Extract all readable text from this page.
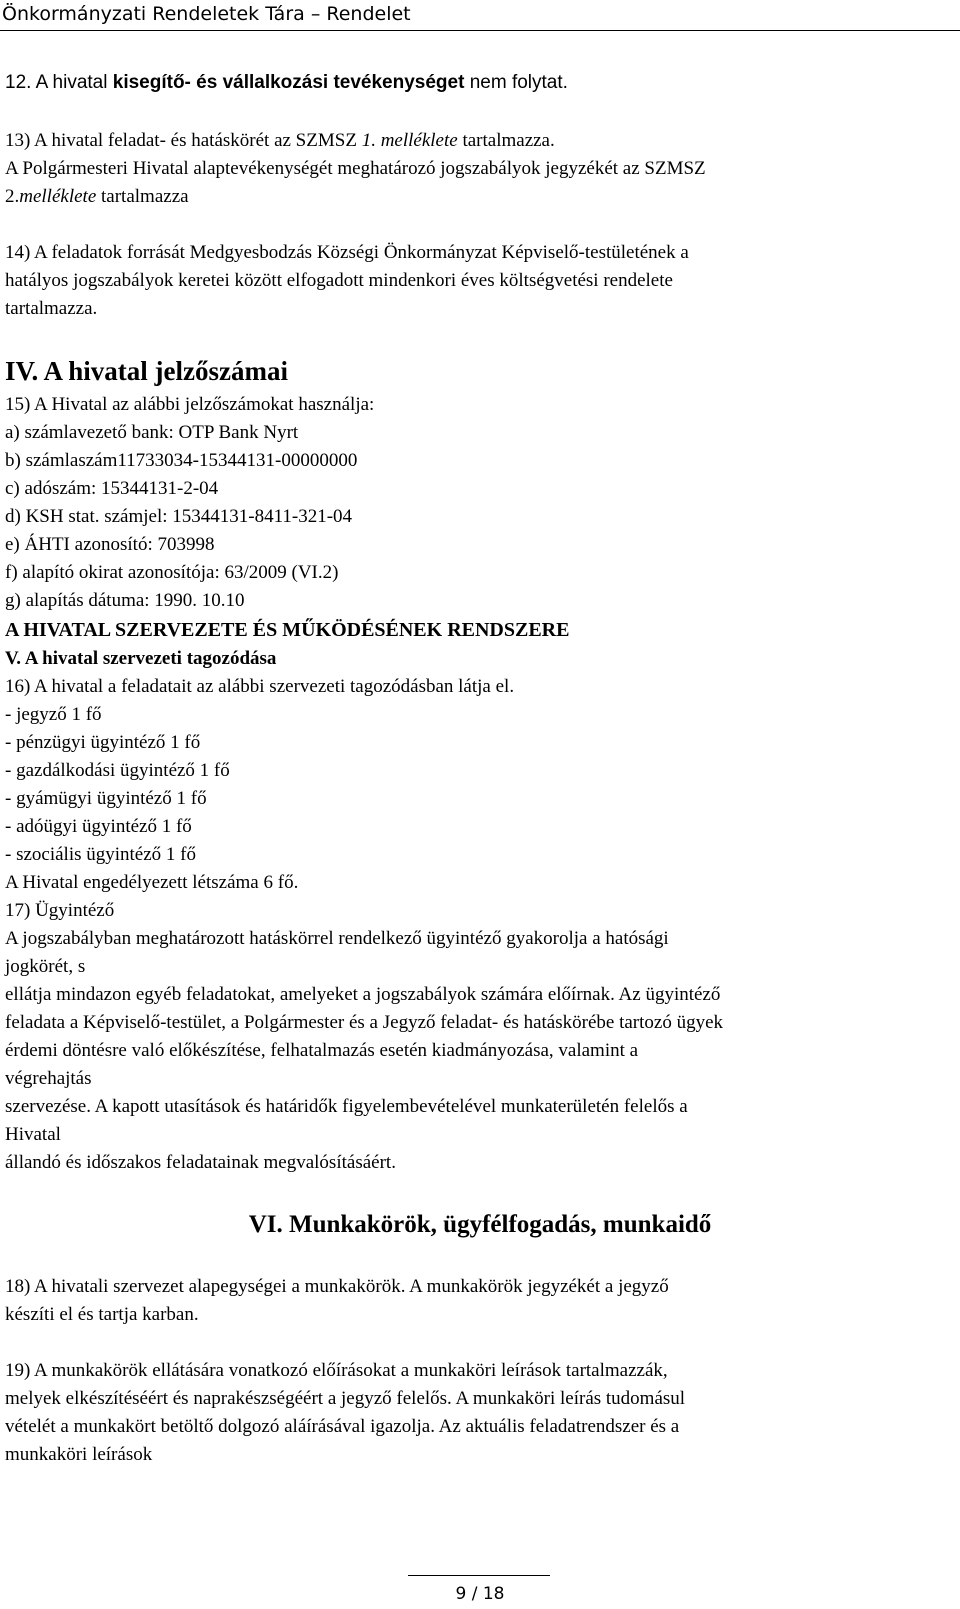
Önkormányzati Rendeletek Tára – Rendelet
12. A hivatal kisegítő- és vállalkozási tevékenységet nem folytat.
13) A hivatal feladat- és hatáskörét az SZMSZ 1. melléklete tartalmazza.
A Polgármesteri Hivatal alaptevékenységét meghatározó jogszabályok jegyzékét az SZMSZ
2.melléklete tartalmazza
14) A feladatok forrását Medgyesbodzás Községi Önkormányzat Képviselő-testületének a
hatályos jogszabályok keretei között elfogadott mindenkori éves költségvetési rendelete
tartalmazza.
IV. A hivatal jelzőszámai
15) A Hivatal az alábbi jelzőszámokat használja:
a) számlavezető bank: OTP Bank Nyrt
b) számlaszám11733034-15344131-00000000
c) adószám: 15344131-2-04
d) KSH stat. számjel: 15344131-8411-321-04
e) ÁHTI azonosító: 703998
f) alapító okirat azonosítója: 63/2009 (VI.2)
g) alapítás dátuma: 1990. 10.10
A HIVATAL SZERVEZETE ÉS MŰKÖDÉSÉNEK RENDSZERE
V. A hivatal szervezeti tagozódása
16) A hivatal a feladatait az alábbi szervezeti tagozódásban látja el.
- jegyző 1 fő
- pénzügyi ügyintéző 1 fő
- gazdálkodási ügyintéző 1 fő
- gyámügyi ügyintéző 1 fő
- adóügyi ügyintéző 1 fő
- szociális ügyintéző 1 fő
A Hivatal engedélyezett létszáma 6 fő.
17) Ügyintéző
A jogszabályban meghatározott hatáskörrel rendelkező ügyintéző gyakorolja a hatósági
jogkörét, s
ellátja mindazon egyéb feladatokat, amelyeket a jogszabályok számára előírnak. Az ügyintéző
feladata a Képviselő-testület, a Polgármester és a Jegyző feladat- és hatáskörébe tartozó ügyek
érdemi döntésre való előkészítése, felhatalmazás esetén kiadmányozása, valamint a
végrehajtás
szervezése. A kapott utasítások és határidők figyelembevételével munkaterületén felelős a
Hivatal
állandó és időszakos feladatainak megvalósításáért.
VI. Munkakörök, ügyfélfogadás, munkaidő
18) A hivatali szervezet alapegységei a munkakörök. A munkakörök jegyzékét a jegyző
készíti el és tartja karban.
19) A munkakörök ellátására vonatkozó előírásokat a munkaköri leírások tartalmazzák,
melyek elkészítéséért és naprakészségéért a jegyző felelős. A munkaköri leírás tudomásul
vételét a munkakört betöltő dolgozó aláírásával igazolja. Az aktuális feladatrendszer és a
munkaköri leírások
9 / 18
